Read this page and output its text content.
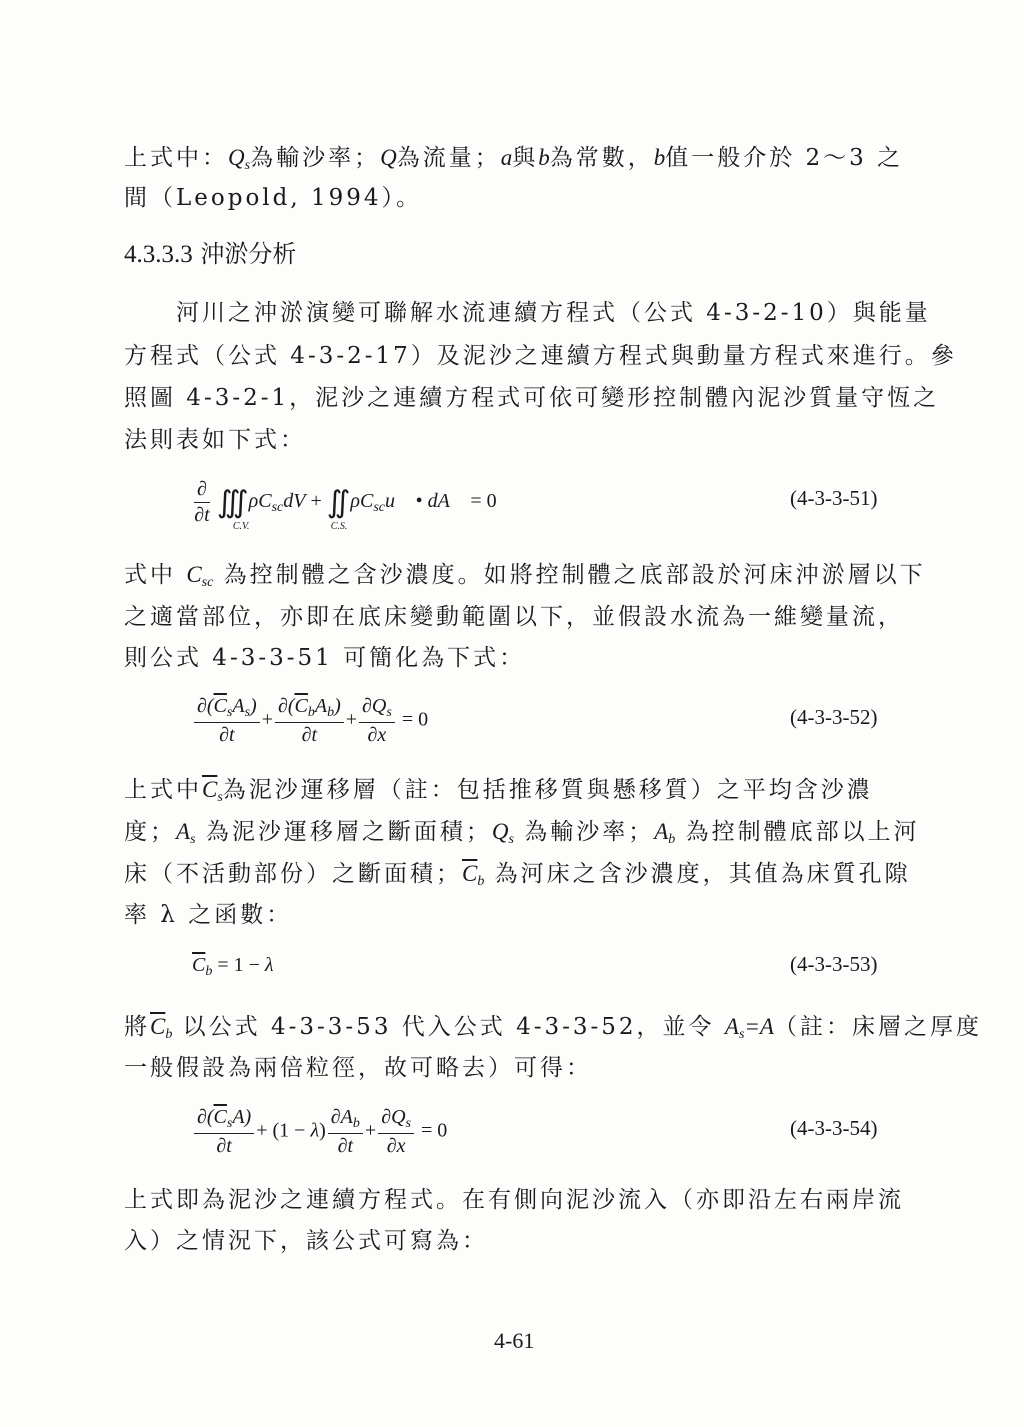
上式中：$Q_s$為輸沙率；Q為流量；a與b為常數，b值一般介於 2～3 之
間（Leopold, 1994）。
4.3.3.3 沖淤分析
　　河川之沖淤演變可聯解水流連續方程式（公式 4-3-2-10）與能量
方程式（公式 4-3-2-17）及泥沙之連續方程式與動量方程式來進行。參
照圖 4-3-2-1，泥沙之連續方程式可依可變形控制體內泥沙質量守恆之
法則表如下式：
$\frac{\partial}{\partial t}$ ∭
C.V.
$\rho C_{sc}dV$ + ∬
C.S.
$\rho C_{sc}u⃗$ • dA⃗ = 0	(4-3-3-51)
式中 $C_{sc}$ 為控制體之含沙濃度。如將控制體之底部設於河床沖淤層以下
之適當部位，亦即在底床變動範圍以下，並假設水流為一維變量流，
則公式 4-3-3-51 可簡化為下式：
$\frac{\partial(\overline{C}_sA_s)}{\partial t} + \frac{\partial(\overline{C}_bA_b)}{\partial t} + \frac{\partial Q_s}{\partial x} = 0$	(4-3-3-52)
上式中$\overline{C}_s$為泥沙運移層（註：包括推移質與懸移質）之平均含沙濃
度；$A_s$ 為泥沙運移層之斷面積；$Q_s$ 為輸沙率；$A_b$ 為控制體底部以上河
床（不活動部份）之斷面積；$\overline{C}_b$ 為河床之含沙濃度，其值為床質孔隙
率 λ 之函數：
$\overline{C}_b = 1 - \lambda$	(4-3-3-53)
將$\overline{C}_b$ 以公式 4-3-3-53 代入公式 4-3-3-52，並令 $A_s=A$（註：床層之厚度
一般假設為兩倍粒徑，故可略去）可得：
$\frac{\partial(\overline{C}_sA)}{\partial t} + (1 - \lambda) \frac{\partial A_b}{\partial t} + \frac{\partial Q_s}{\partial x} = 0$	(4-3-3-54)
上式即為泥沙之連續方程式。在有側向泥沙流入（亦即沿左右兩岸流
入）之情況下，該公式可寫為：
4-61
